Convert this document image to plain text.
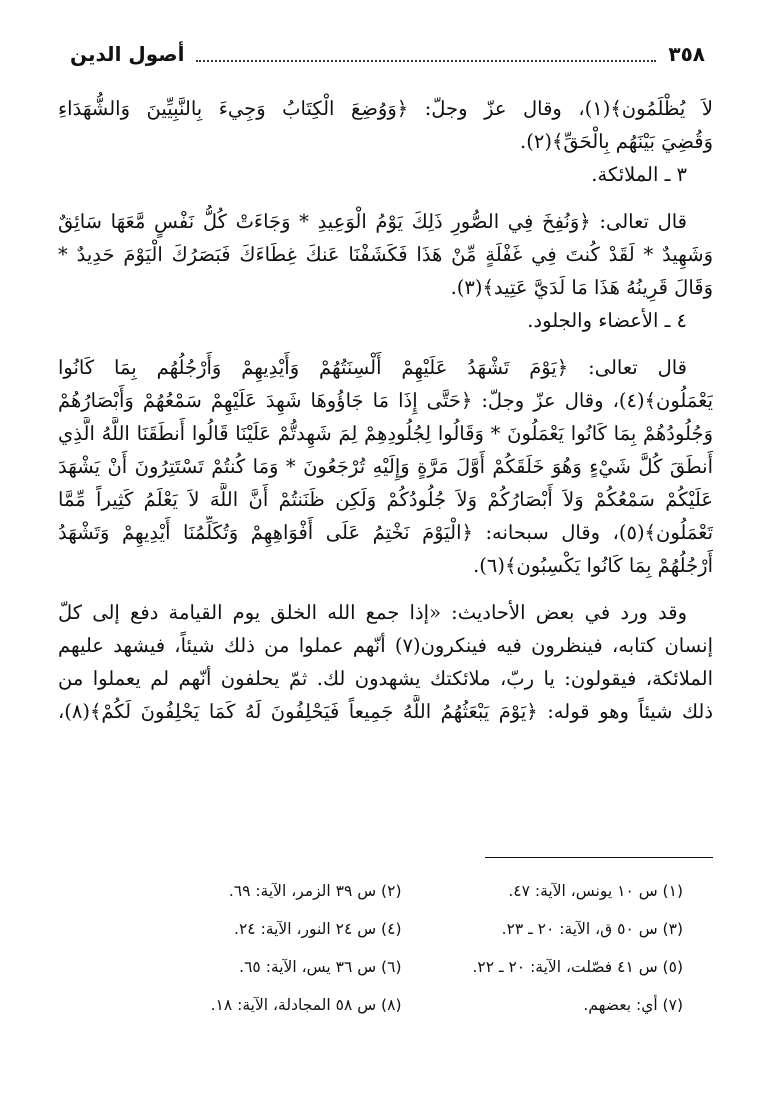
٣٥٨
أصول الدين
لاَ يُظْلَمُون﴾(١)، وقال عزّ وجلّ: ﴿وَوُضِعَ الْكِتَابُ وَجِيءَ بِالنَّبِيِّينَ وَالشُّهَدَاءِ
وَقُضِيَ بَيْنَهُم بِالْحَقِّ﴾(٢).
٣ ـ الملائكة.
قال تعالى: ﴿وَنُفِخَ فِي الصُّورِ ذَلِكَ يَوْمُ الْوَعِيدِ * وَجَاءَتْ كُلُّ نَفْسٍ مَّعَهَا سَائِقٌ
وَشَهِيدٌ * لَقَدْ كُنتَ فِي غَفْلَةٍ مِّنْ هَذَا فَكَشَفْنَا عَنكَ غِطَاءَكَ فَبَصَرُكَ الْيَوْمَ حَدِيدٌ *
وَقَالَ قَرِينُهُ هَذَا مَا لَدَيَّ عَتِيد﴾(٣).
٤ ـ الأعضاء والجلود.
قال تعالى: ﴿يَوْمَ تَشْهَدُ عَلَيْهِمْ أَلْسِنَتُهُمْ وَأَيْدِيهِمْ وَأَرْجُلُهُم بِمَا كَانُوا
يَعْمَلُون﴾(٤)، وقال عزّ وجلّ: ﴿حَتَّى إِذَا مَا جَاؤُوهَا شَهِدَ عَلَيْهِمْ سَمْعُهُمْ وَأَبْصَارُهُمْ
وَجُلُودُهُمْ بِمَا كَانُوا يَعْمَلُونَ * وَقَالُوا لِجُلُودِهِمْ لِمَ شَهِدتُّمْ عَلَيْنَا قَالُوا أَنطَقَنَا اللَّهُ الَّذِي
أَنطَقَ كُلَّ شَيْءٍ وَهُوَ خَلَقَكُمْ أَوَّلَ مَرَّةٍ وَإِلَيْهِ تُرْجَعُونَ * وَمَا كُنتُمْ تَسْتَتِرُونَ أَنْ يَشْهَدَ
عَلَيْكُمْ سَمْعُكُمْ وَلاَ أَبْصَارُكُمْ وَلاَ جُلُودُكُمْ وَلَكِن ظَنَنتُمْ أَنَّ اللَّهَ لاَ يَعْلَمُ كَثِيراً مِّمَّا
تَعْمَلُون﴾(٥)، وقال سبحانه: ﴿الْيَوْمَ نَخْتِمُ عَلَى أَفْوَاهِهِمْ وَتُكَلِّمُنَا أَيْدِيهِمْ وَتَشْهَدُ
أَرْجُلُهُمْ بِمَا كَانُوا يَكْسِبُون﴾(٦).
وقد ورد في بعض الأحاديث: «إذا جمع الله الخلق يوم القيامة دفع إلى كلّ
إنسان كتابه، فينظرون فيه فينكرون(٧) أنّهم عملوا من ذلك شيئاً، فيشهد عليهم
الملائكة، فيقولون: يا ربّ، ملائكتك يشهدون لك. ثمّ يحلفون أنّهم لم يعملوا من
ذلك شيئاً وهو قوله: ﴿يَوْمَ يَبْعَثُهُمُ اللَّهُ جَمِيعاً فَيَحْلِفُونَ لَهُ كَمَا يَحْلِفُونَ لَكُمْ﴾(٨)،
(١) س ١٠ يونس، الآية: ٤٧.
(٢) س ٣٩ الزمر، الآية: ٦٩.
(٣) س ٥٠ ق، الآية: ٢٠ ـ ٢٣.
(٤) س ٢٤ النور، الآية: ٢٤.
(٥) س ٤١ فصّلت، الآية: ٢٠ ـ ٢٢.
(٦) س ٣٦ يس، الآية: ٦٥.
(٧) أي: بعضهم.
(٨) س ٥٨ المجادلة، الآية: ١٨.
